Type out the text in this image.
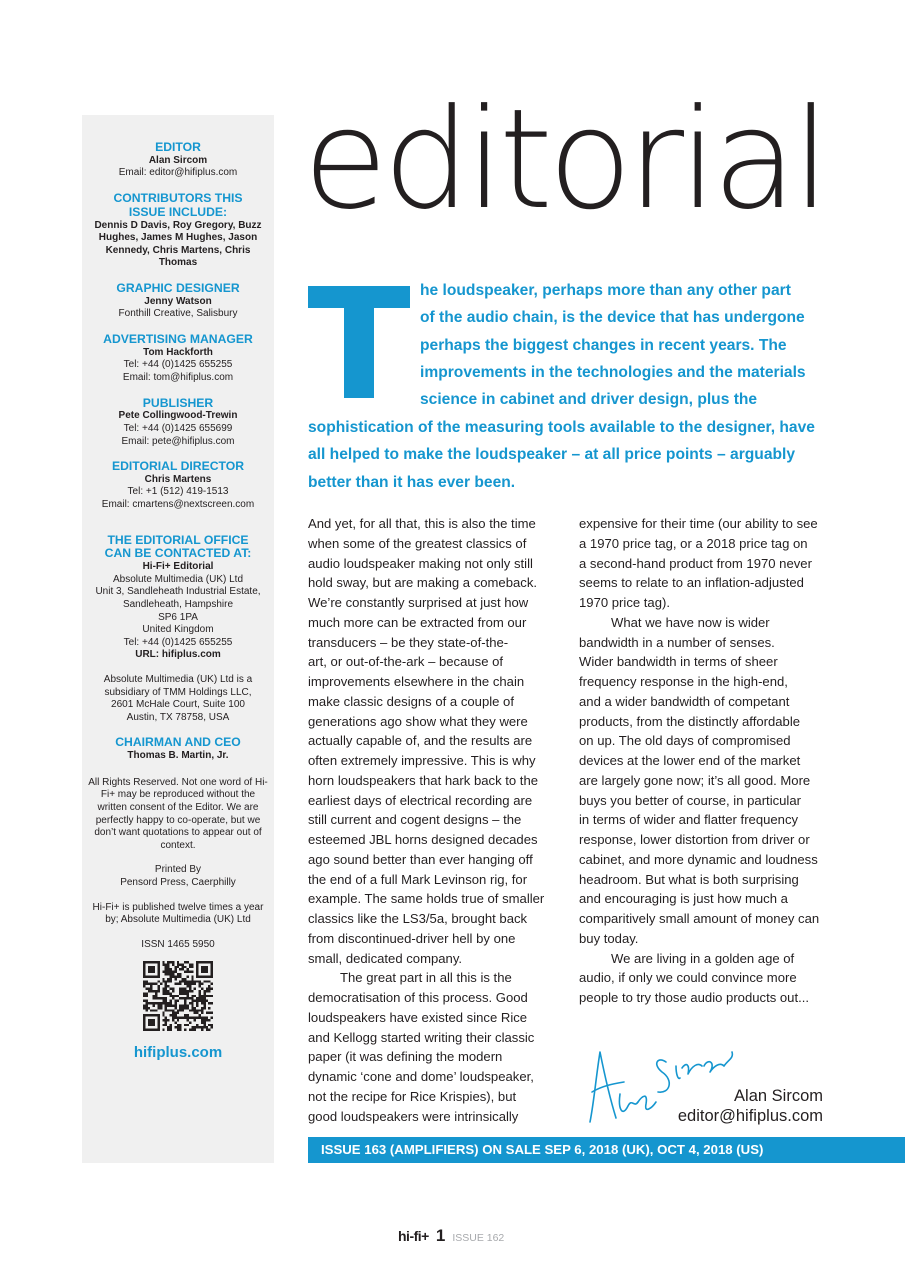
EDITOR
Alan Sircom
Email: editor@hifiplus.com
CONTRIBUTORS THIS ISSUE INCLUDE:
Dennis D Davis, Roy Gregory, Buzz Hughes, James M Hughes, Jason Kennedy, Chris Martens, Chris Thomas
GRAPHIC DESIGNER
Jenny Watson
Fonthill Creative, Salisbury
ADVERTISING MANAGER
Tom Hackforth
Tel: +44 (0)1425 655255
Email: tom@hifiplus.com
PUBLISHER
Pete Collingwood-Trewin
Tel: +44 (0)1425 655699
Email: pete@hifiplus.com
EDITORIAL DIRECTOR
Chris Martens
Tel: +1 (512) 419-1513
Email: cmartens@nextscreen.com
THE EDITORIAL OFFICE CAN BE CONTACTED AT:
Hi-Fi+ Editorial
Absolute Multimedia (UK) Ltd
Unit 3, Sandleheath Industrial Estate,
Sandleheath, Hampshire
SP6 1PA
United Kingdom
Tel: +44 (0)1425 655255
URL: hifiplus.com
Absolute Multimedia (UK) Ltd is a subsidiary of TMM Holdings LLC, 2601 McHale Court, Suite 100 Austin, TX 78758, USA
CHAIRMAN AND CEO
Thomas B. Martin, Jr.
All Rights Reserved. Not one word of Hi-Fi+ may be reproduced without the written consent of the Editor. We are perfectly happy to co-operate, but we don’t want quotations to appear out of context.
Printed By
Pensord Press, Caerphilly
Hi-Fi+ is published twelve times a year by; Absolute Multimedia (UK) Ltd
ISSN 1465 5950
hifiplus.com
editorial
he loudspeaker, perhaps more than any other part
of the audio chain, is the device that has undergone
perhaps the biggest changes in recent years. The
improvements in the technologies and the materials
science in cabinet and driver design, plus the
sophistication of the measuring tools available to the designer, have
all helped to make the loudspeaker – at all price points – arguably
better than it has ever been.

And yet, for all that, this is also the time
when some of the greatest classics of
audio loudspeaker making not only still
hold sway, but are making a comeback.
We’re constantly surprised at just how
much more can be extracted from our
transducers – be they state-of-the-
art, or out-of-the-ark – because of
improvements elsewhere in the chain
make classic designs of a couple of
generations ago show what they were
actually capable of, and the results are
often extremely impressive. This is why
horn loudspeakers that hark back to the
earliest days of electrical recording are
still current and cogent designs – the
esteemed JBL horns designed decades
ago sound better than ever hanging off
the end of a full Mark Levinson rig, for
example. The same holds true of smaller
classics like the LS3/5a, brought back
from discontinued-driver hell by one
small, dedicated company.

The great part in all this is the
democratisation of this process. Good
loudspeakers have existed since Rice
and Kellogg started writing their classic
paper (it was defining the modern
dynamic ‘cone and dome’ loudspeaker,
not the recipe for Rice Krispies), but
good loudspeakers were intrinsically

expensive for their time (our ability to see
a 1970 price tag, or a 2018 price tag on
a second-hand product from 1970 never
seems to relate to an inflation-adjusted
1970 price tag).

What we have now is wider
bandwidth in a number of senses.
Wider bandwidth in terms of sheer
frequency response in the high-end,
and a wider bandwidth of competant
products, from the distinctly affordable
on up. The old days of compromised
devices at the lower end of the market
are largely gone now; it’s all good. More
buys you better of course, in particular
in terms of wider and flatter frequency
response, lower distortion from driver or
cabinet, and more dynamic and loudness
headroom. But what is both surprising
and encouraging is just how much a
comparitively small amount of money can
buy today.

We are living in a golden age of
audio, if only we could convince more
people to try those audio products out...

Alan Sircom
editor@hifiplus.com
ISSUE 163 (AMPLIFIERS) ON SALE SEP 6, 2018 (UK), OCT 4, 2018 (US)
hi-fi+ 1 ISSUE 162
